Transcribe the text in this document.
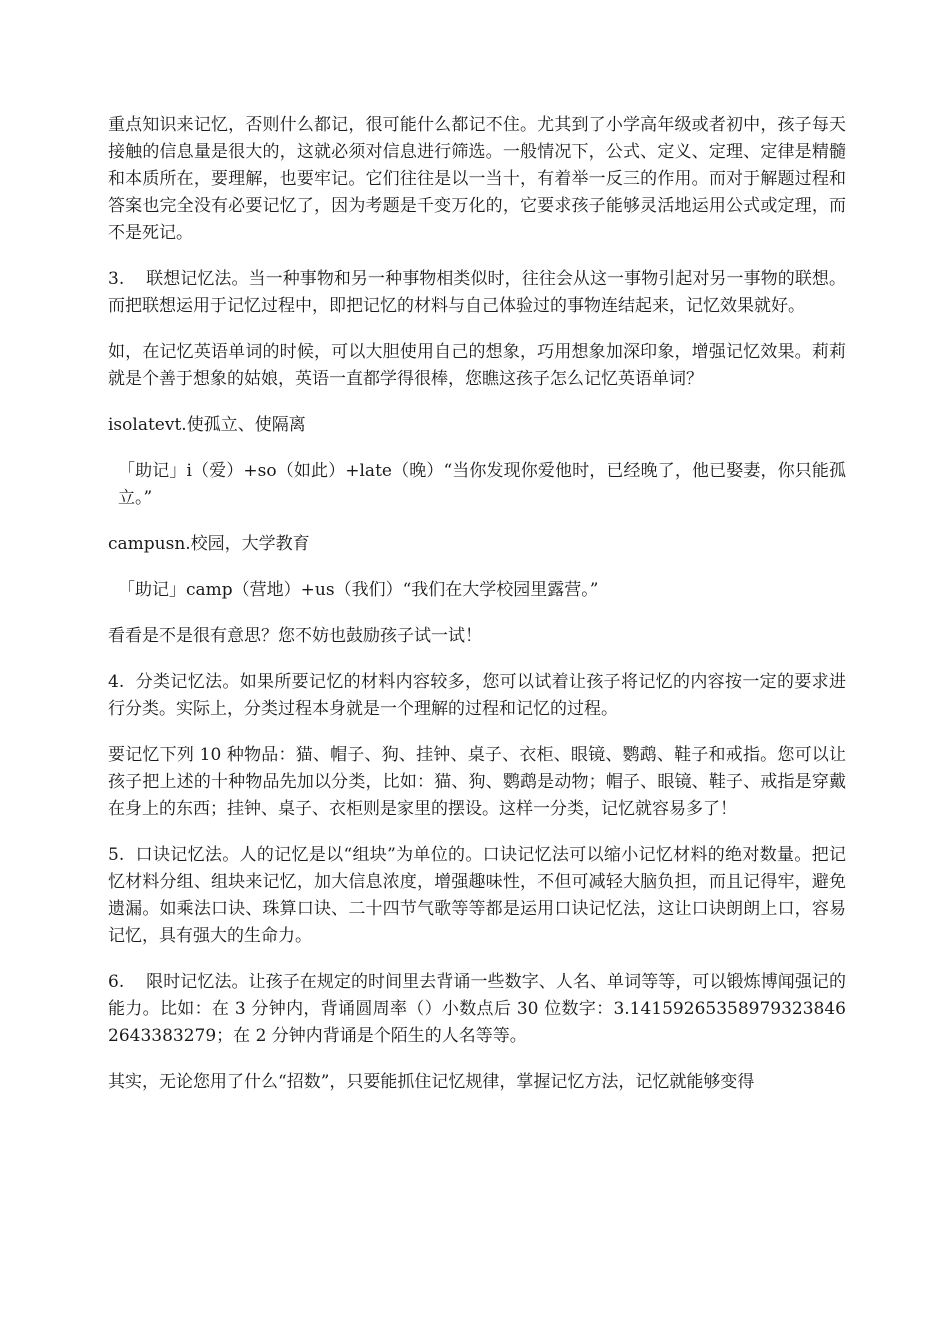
重点知识来记忆，否则什么都记，很可能什么都记不住。尤其到了小学高年级或者初中，孩子每天接触的信息量是很大的，这就必须对信息进行筛选。一般情况下，公式、定义、定理、定律是精髓和本质所在，要理解，也要牢记。它们往往是以一当十，有着举一反三的作用。而对于解题过程和答案也完全没有必要记忆了，因为考题是千变万化的，它要求孩子能够灵活地运用公式或定理，而不是死记。

3.    联想记忆法。当一种事物和另一种事物相类似时，往往会从这一事物引起对另一事物的联想。而把联想运用于记忆过程中，即把记忆的材料与自己体验过的事物连结起来，记忆效果就好。

如，在记忆英语单词的时候，可以大胆使用自己的想象，巧用想象加深印象，增强记忆效果。莉莉就是个善于想象的姑娘，英语一直都学得很棒，您瞧这孩子怎么记忆英语单词？

isolatevt.使孤立、使隔离

「助记」i（爱）+so（如此）+late（晚）“当你发现你爱他时，已经晚了，他已娶妻，你只能孤立。”

campusn.校园，大学教育

「助记」camp（营地）+us（我们）“我们在大学校园里露营。”

看看是不是很有意思？您不妨也鼓励孩子试一试！

4.  分类记忆法。如果所要记忆的材料内容较多，您可以试着让孩子将记忆的内容按一定的要求进行分类。实际上，分类过程本身就是一个理解的过程和记忆的过程。

要记忆下列 10 种物品：猫、帽子、狗、挂钟、桌子、衣柜、眼镜、鹦鹉、鞋子和戒指。您可以让孩子把上述的十种物品先加以分类，比如：猫、狗、鹦鹉是动物；帽子、眼镜、鞋子、戒指是穿戴在身上的东西；挂钟、桌子、衣柜则是家里的摆设。这样一分类，记忆就容易多了！

5.  口诀记忆法。人的记忆是以“组块”为单位的。口诀记忆法可以缩小记忆材料的绝对数量。把记忆材料分组、组块来记忆，加大信息浓度，增强趣味性，不但可减轻大脑负担，而且记得牢，避免遗漏。如乘法口诀、珠算口诀、二十四节气歌等等都是运用口诀记忆法，这让口诀朗朗上口，容易记忆，具有强大的生命力。

6.    限时记忆法。让孩子在规定的时间里去背诵一些数字、人名、单词等等，可以锻炼博闻强记的能力。比如：在 3 分钟内，背诵圆周率（）小数点后 30 位数字：3.14159265358979323846264338327​9；在 2 分钟内背诵是个陌生的人名等等。

其实，无论您用了什么“招数”，只要能抓住记忆规律，掌握记忆方法，记忆就能够变得
